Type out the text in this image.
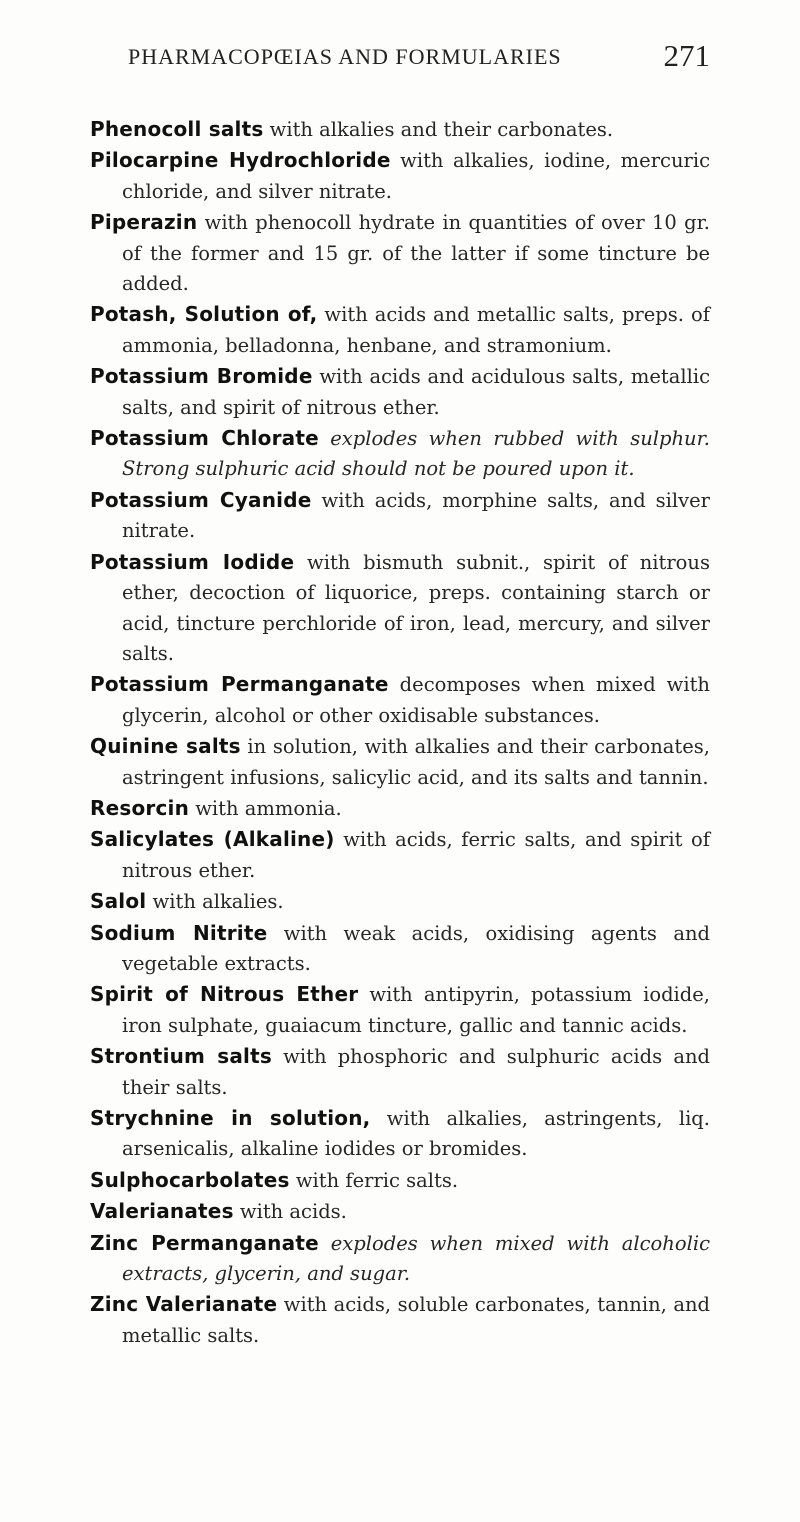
PHARMACOPŒIAS AND FORMULARIES	271

Phenocoll salts with alkalies and their carbonates.

Pilocarpine Hydrochloride with alkalies, iodine, mercuric chloride, and silver nitrate.

Piperazin with phenocoll hydrate in quantities of over 10 gr. of the former and 15 gr. of the latter if some tincture be added.

Potash, Solution of, with acids and metallic salts, preps. of ammonia, belladonna, henbane, and stramonium.

Potassium Bromide with acids and acidulous salts, metallic salts, and spirit of nitrous ether.

Potassium Chlorate explodes when rubbed with sulphur. Strong sulphuric acid should not be poured upon it.

Potassium Cyanide with acids, morphine salts, and silver nitrate.

Potassium Iodide with bismuth subnit., spirit of nitrous ether, decoction of liquorice, preps. containing starch or acid, tincture perchloride of iron, lead, mercury, and silver salts.

Potassium Permanganate decomposes when mixed with glycerin, alcohol or other oxidisable substances.

Quinine salts in solution, with alkalies and their carbonates, astringent infusions, salicylic acid, and its salts and tannin.

Resorcin with ammonia.

Salicylates (Alkaline) with acids, ferric salts, and spirit of nitrous ether.

Salol with alkalies.

Sodium Nitrite with weak acids, oxidising agents and vegetable extracts.

Spirit of Nitrous Ether with antipyrin, potassium iodide, iron sulphate, guaiacum tincture, gallic and tannic acids.

Strontium salts with phosphoric and sulphuric acids and their salts.

Strychnine in solution, with alkalies, astringents, liq. arsenicalis, alkaline iodides or bromides.

Sulphocarbolates with ferric salts.

Valerianates with acids.

Zinc Permanganate explodes when mixed with alcoholic extracts, glycerin, and sugar.

Zinc Valerianate with acids, soluble carbonates, tannin, and metallic salts.
